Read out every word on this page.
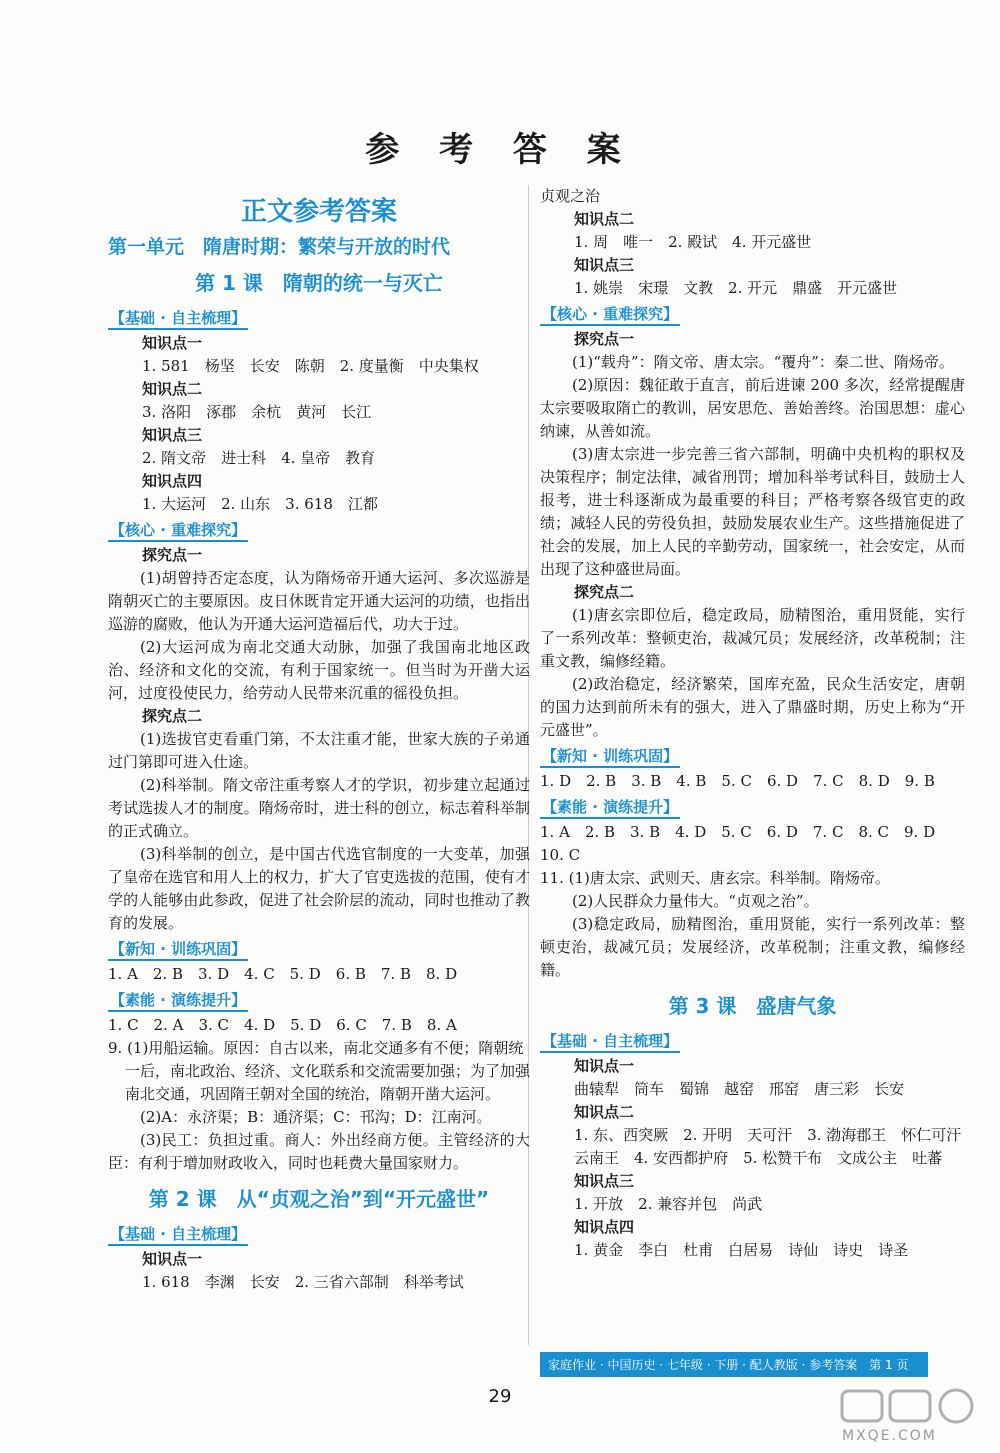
参 考 答 案
正文参考答案
第一单元　隋唐时期：繁荣与开放的时代
第 1 课　隋朝的统一与灭亡
【基础 · 自主梳理】

知识点一

1. 581　杨坚　长安　陈朝　2. 度量衡　中央集权

知识点二

3. 洛阳　涿郡　余杭　黄河　长江

知识点三

2. 隋文帝　进士科　4. 皇帝　教育

知识点四

1. 大运河　2. 山东　3. 618　江都

【核心 · 重难探究】

探究点一

(1)胡曾持否定态度，认为隋炀帝开通大运河、多次巡游是隋朝灭亡的主要原因。皮日休既肯定开通大运河的功绩，也指出巡游的腐败，他认为开通大运河造福后代，功大于过。

(2)大运河成为南北交通大动脉，加强了我国南北地区政治、经济和文化的交流，有利于国家统一。但当时为开凿大运河，过度役使民力，给劳动人民带来沉重的徭役负担。

探究点二

(1)选拔官吏看重门第，不太注重才能，世家大族的子弟通过门第即可进入仕途。

(2)科举制。隋文帝注重考察人才的学识，初步建立起通过考试选拔人才的制度。隋炀帝时，进士科的创立，标志着科举制的正式确立。

(3)科举制的创立，是中国古代选官制度的一大变革，加强了皇帝在选官和用人上的权力，扩大了官吏选拔的范围，使有才学的人能够由此参政，促进了社会阶层的流动，同时也推动了教育的发展。

【新知 · 训练巩固】

1. A　2. B　3. D　4. C　5. D　6. B　7. B　8. D

【素能 · 演练提升】

1. C　2. A　3. C　4. D　5. D　6. C　7. B　8. A

9. (1)用船运输。原因：自古以来，南北交通多有不便；隋朝统一后，南北政治、经济、文化联系和交流需要加强；为了加强南北交通，巩固隋王朝对全国的统治，隋朝开凿大运河。

(2)A：永济渠；B：通济渠；C：邗沟；D：江南河。

(3)民工：负担过重。商人：外出经商方便。主管经济的大臣：有利于增加财政收入，同时也耗费大量国家财力。

第 2 课　从“贞观之治”到“开元盛世”
【基础 · 自主梳理】

知识点一

1. 618　李渊　长安　2. 三省六部制　科举考试

贞观之治

知识点二

1. 周　唯一　2. 殿试　4. 开元盛世

知识点三

1. 姚崇　宋璟　文教　2. 开元　鼎盛　开元盛世

【核心 · 重难探究】

探究点一

(1)“载舟”：隋文帝、唐太宗。“覆舟”：秦二世、隋炀帝。

(2)原因：魏征敢于直言，前后进谏 200 多次，经常提醒唐太宗要吸取隋亡的教训，居安思危、善始善终。治国思想：虚心纳谏，从善如流。

(3)唐太宗进一步完善三省六部制，明确中央机构的职权及决策程序；制定法律，减省刑罚；增加科举考试科目，鼓励士人报考，进士科逐渐成为最重要的科目；严格考察各级官吏的政绩；减轻人民的劳役负担，鼓励发展农业生产。这些措施促进了社会的发展，加上人民的辛勤劳动，国家统一，社会安定，从而出现了这种盛世局面。

探究点二

(1)唐玄宗即位后，稳定政局，励精图治，重用贤能，实行了一系列改革：整顿吏治，裁减冗员；发展经济，改革税制；注重文教，编修经籍。

(2)政治稳定，经济繁荣，国库充盈，民众生活安定，唐朝的国力达到前所未有的强大，进入了鼎盛时期，历史上称为“开元盛世”。

【新知 · 训练巩固】

1. D　2. B　3. B　4. B　5. C　6. D　7. C　8. D　9. B

【素能 · 演练提升】

1. A　2. B　3. B　4. D　5. C　6. D　7. C　8. C　9. D

10. C

11. (1)唐太宗、武则天、唐玄宗。科举制。隋炀帝。

(2)人民群众力量伟大。“贞观之治”。

(3)稳定政局，励精图治，重用贤能，实行一系列改革：整顿吏治，裁减冗员；发展经济，改革税制；注重文教，编修经籍。

第 3 课　盛唐气象
【基础 · 自主梳理】

知识点一

曲辕犁　筒车　蜀锦　越窑　邢窑　唐三彩　长安

知识点二

1. 东、西突厥　2. 开明　天可汗　3. 渤海郡王　怀仁可汗　云南王　4. 安西都护府　5. 松赞干布　文成公主　吐蕃

知识点三

1. 开放　2. 兼容并包　尚武

知识点四

1. 黄金　李白　杜甫　白居易　诗仙　诗史　诗圣

家庭作业 · 中国历史 · 七年级 · 下册 · 配人教版 · 参考答案　第 1 页 (共 12 页)
29
MXQE.COM
